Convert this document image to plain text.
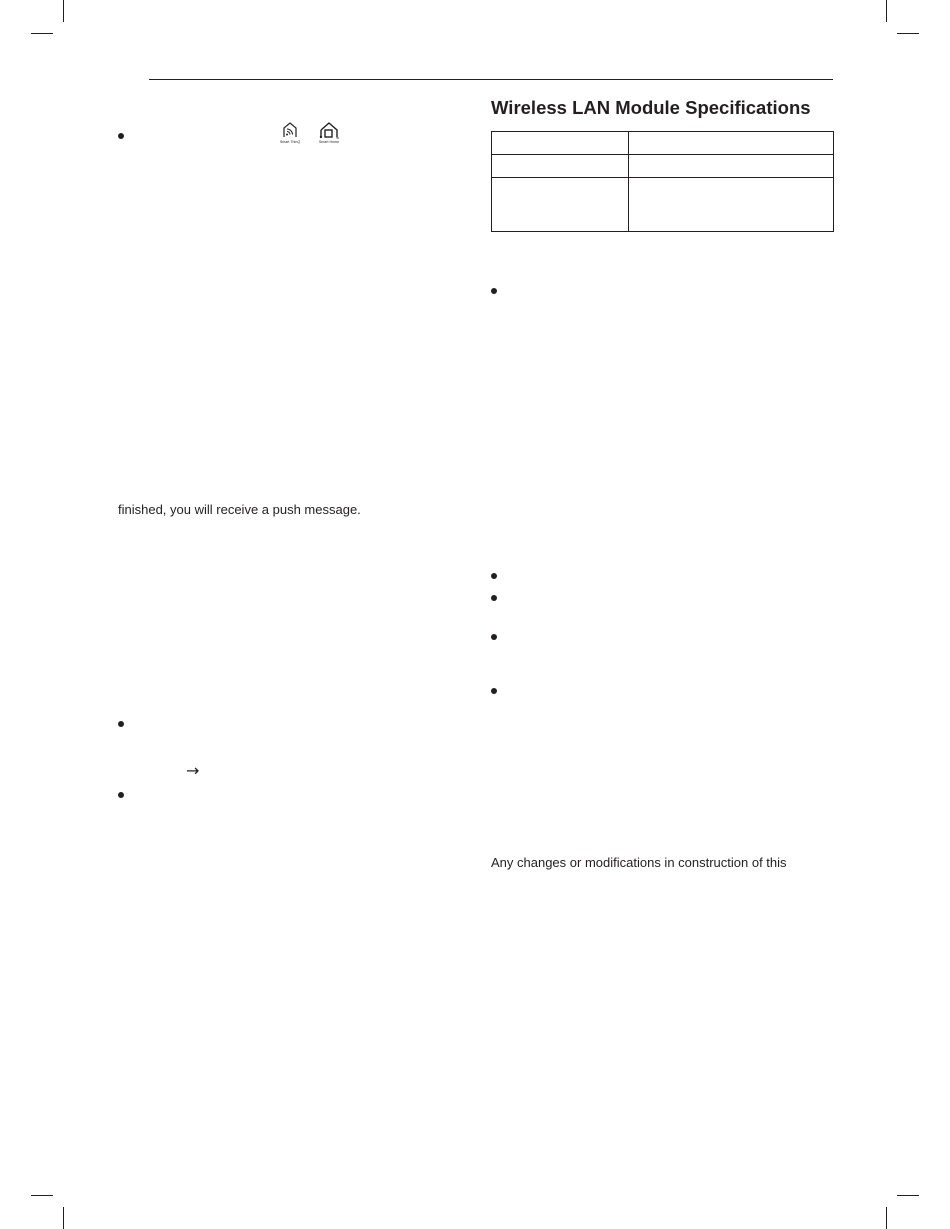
Smart ThinQ	Smart Home
finished, you will receive a push message.
→
Wireless LAN Module Specifications

Any changes or modifications in construction of this
